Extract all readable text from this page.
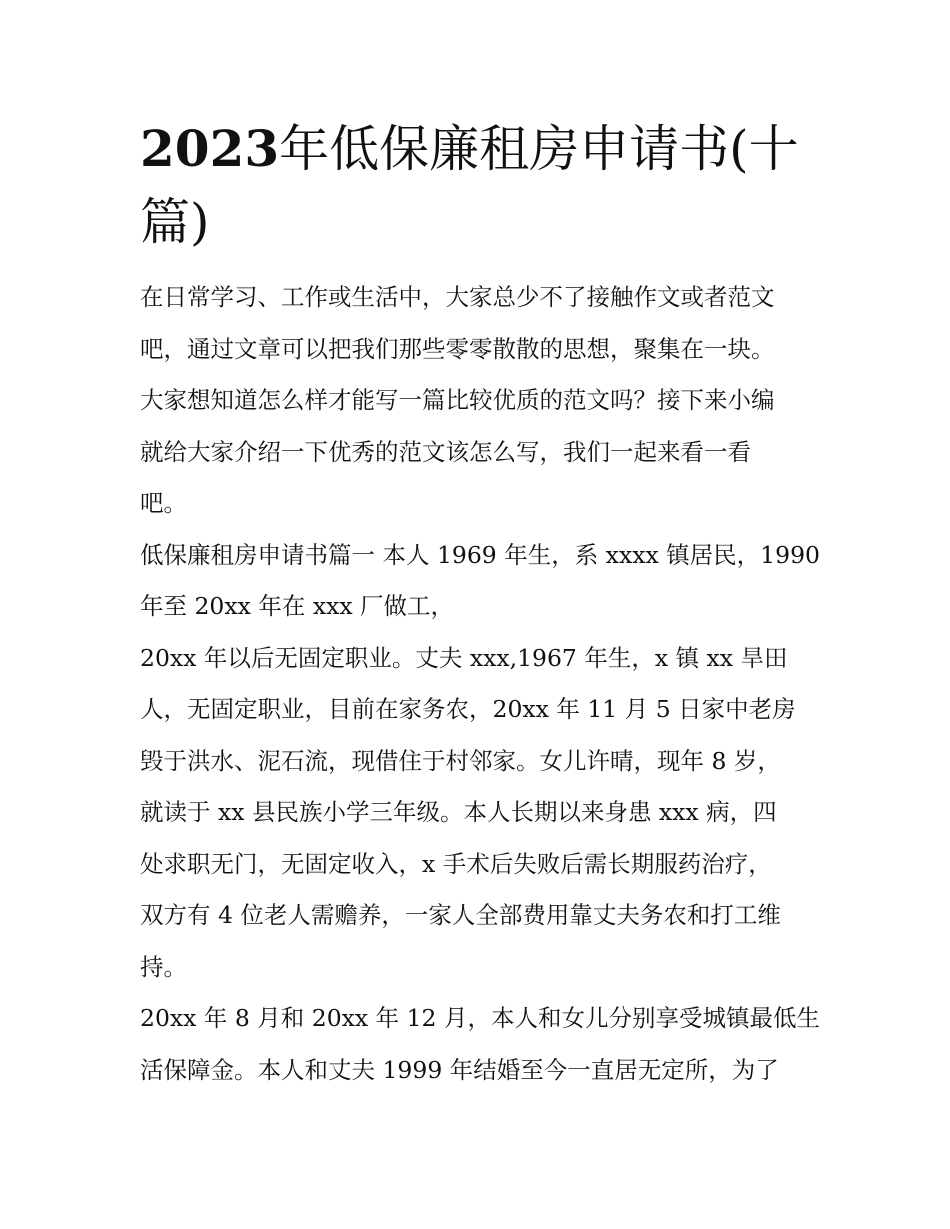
2023年低保廉租房申请书(十
篇)

在日常学习、工作或生活中，大家总少不了接触作文或者范文
吧，通过文章可以把我们那些零零散散的思想，聚集在一块。
大家想知道怎么样才能写一篇比较优质的范文吗？接下来小编
就给大家介绍一下优秀的范文该怎么写，我们一起来看一看
吧。

低保廉租房申请书篇一 本人 1969 年生，系 xxxx 镇居民，1990
年至 20xx 年在 xxx 厂做工，

20xx 年以后无固定职业。丈夫 xxx,1967 年生，x 镇 xx 旱田
人，无固定职业，目前在家务农，20xx 年 11 月 5 日家中老房
毁于洪水、泥石流，现借住于村邻家。女儿许晴，现年 8 岁，
就读于 xx 县民族小学三年级。本人长期以来身患 xxx 病，四
处求职无门，无固定收入，x 手术后失败后需长期服药治疗，
双方有 4 位老人需赡养，一家人全部费用靠丈夫务农和打工维
持。

20xx 年 8 月和 20xx 年 12 月，本人和女儿分别享受城镇最低生
活保障金。本人和丈夫 1999 年结婚至今一直居无定所，为了
